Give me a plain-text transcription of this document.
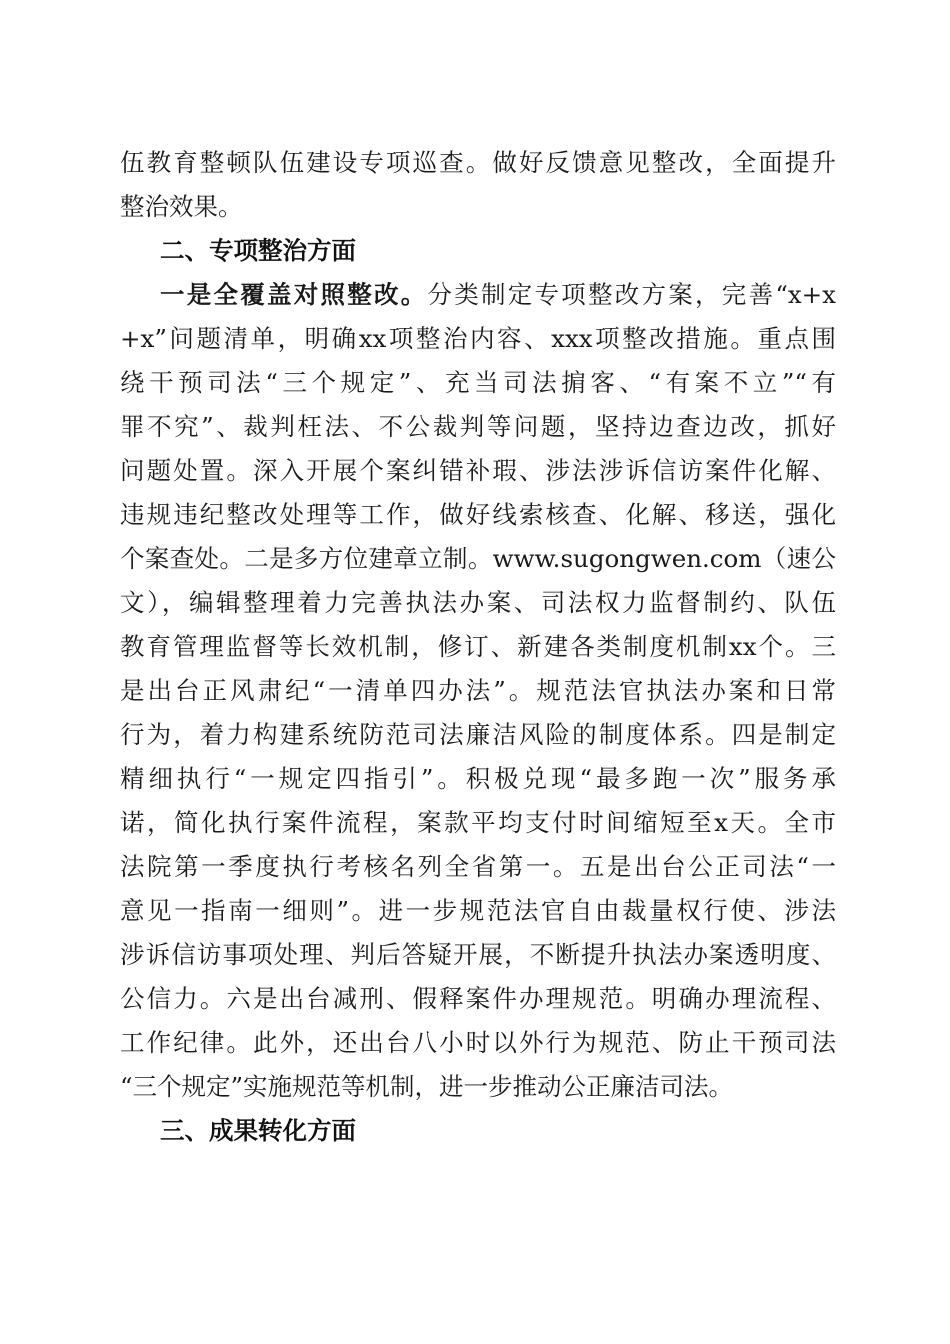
伍教育整顿队伍建设专项巡查。做好反馈意见整改，全面提升
整治效果。
二、专项整治方面
一是全覆盖对照整改。分类制定专项整改方案，完善“x+x
+x”问题清单，明确xx项整治内容、xxx项整改措施。重点围
绕干预司法“三个规定”、充当司法掮客、“有案不立”“有
罪不究”、裁判枉法、不公裁判等问题，坚持边查边改，抓好
问题处置。深入开展个案纠错补瑕、涉法涉诉信访案件化解、
违规违纪整改处理等工作，做好线索核查、化解、移送，强化
个案查处。二是多方位建章立制。www.sugongwen.com（速公
文），编辑整理着力完善执法办案、司法权力监督制约、队伍
教育管理监督等长效机制，修订、新建各类制度机制xx个。三
是出台正风肃纪“一清单四办法”。规范法官执法办案和日常
行为，着力构建系统防范司法廉洁风险的制度体系。四是制定
精细执行“一规定四指引”。积极兑现“最多跑一次”服务承
诺，简化执行案件流程，案款平均支付时间缩短至x天。全市
法院第一季度执行考核名列全省第一。五是出台公正司法“一
意见一指南一细则”。进一步规范法官自由裁量权行使、涉法
涉诉信访事项处理、判后答疑开展，不断提升执法办案透明度、
公信力。六是出台减刑、假释案件办理规范。明确办理流程、
工作纪律。此外，还出台八小时以外行为规范、防止干预司法
“三个规定”实施规范等机制，进一步推动公正廉洁司法。
三、成果转化方面
